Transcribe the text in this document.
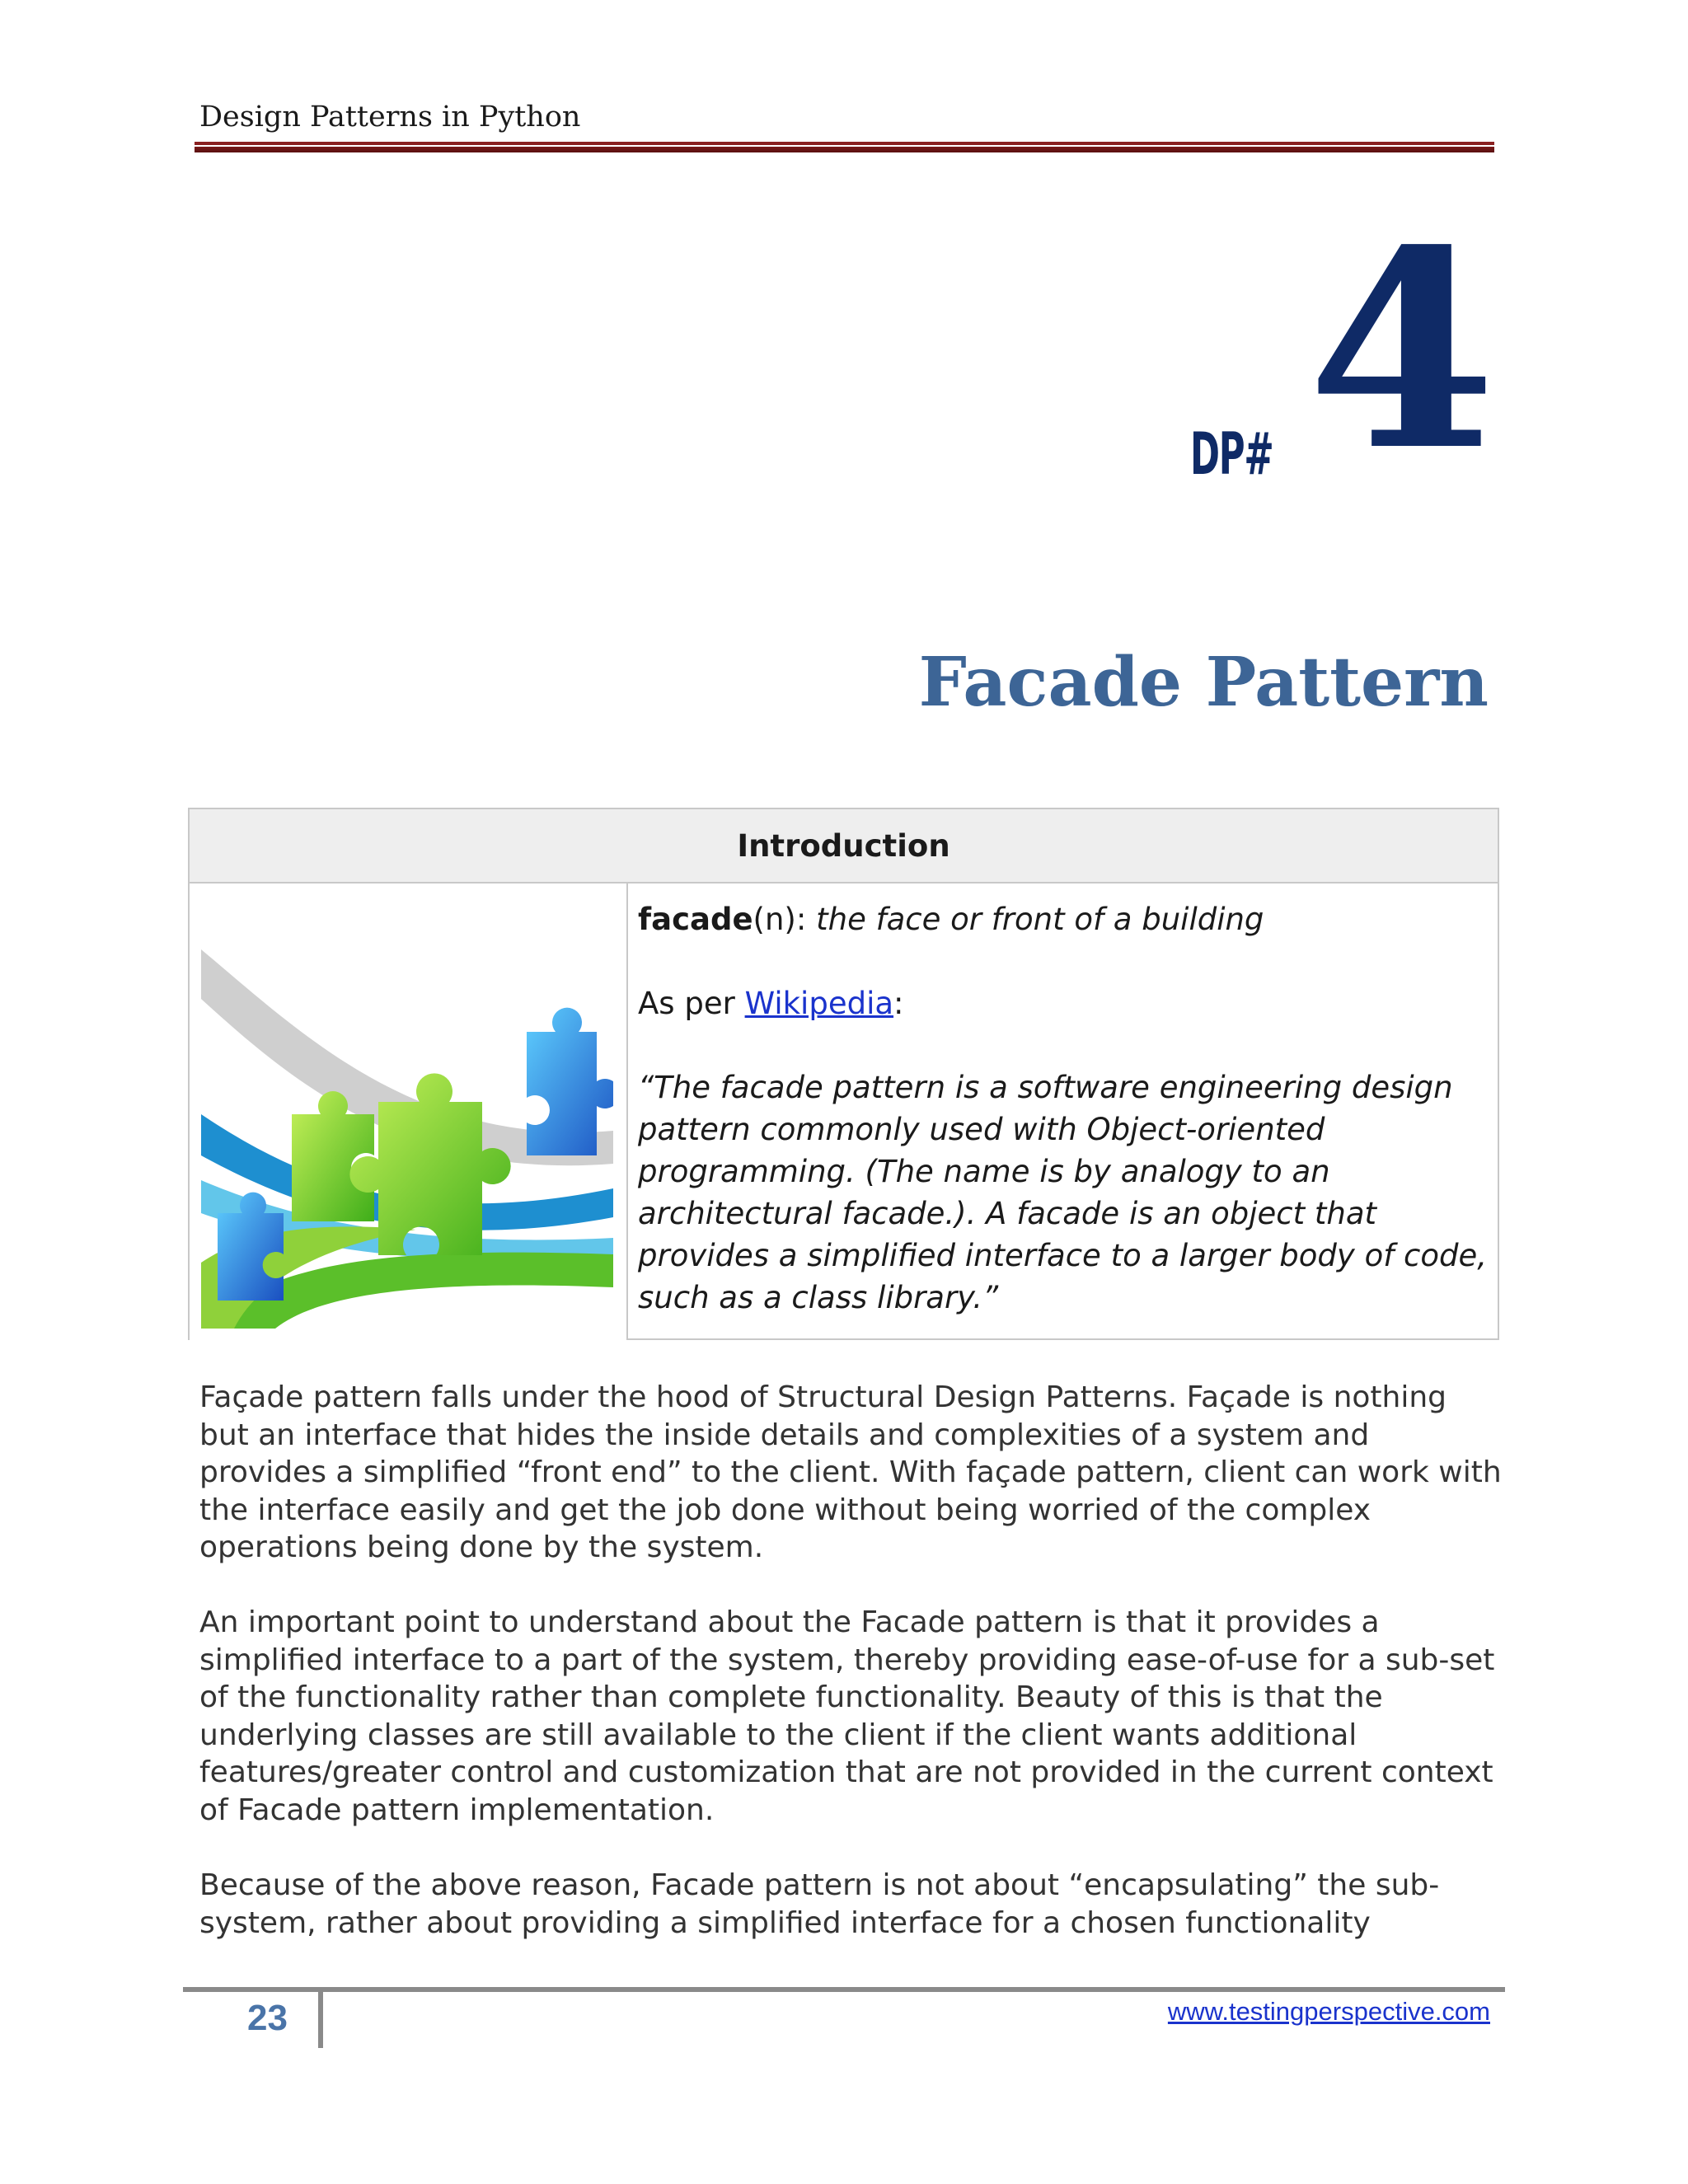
Design Patterns in Python
DP# 4
Facade Pattern
Introduction

facade(n): the face or front of a building

As per Wikipedia:

“The facade pattern is a software engineering design pattern commonly used with Object-oriented programming. (The name is by analogy to an architectural facade.). A facade is an object that provides a simplified interface to a larger body of code, such as a class library.”

Façade pattern falls under the hood of Structural Design Patterns. Façade is nothing but an interface that hides the inside details and complexities of a system and provides a simplified “front end” to the client. With façade pattern, client can work with the interface easily and get the job done without being worried of the complex operations being done by the system.
An important point to understand about the Facade pattern is that it provides a simplified interface to a part of the system, thereby providing ease-of-use for a sub-set of the functionality rather than complete functionality. Beauty of this is that the underlying classes are still available to the client if the client wants additional features/greater control and customization that are not provided in the current context of Facade pattern implementation.
Because of the above reason, Facade pattern is not about “encapsulating” the sub-system, rather about providing a simplified interface for a chosen functionality
23	www.testingperspective.com
